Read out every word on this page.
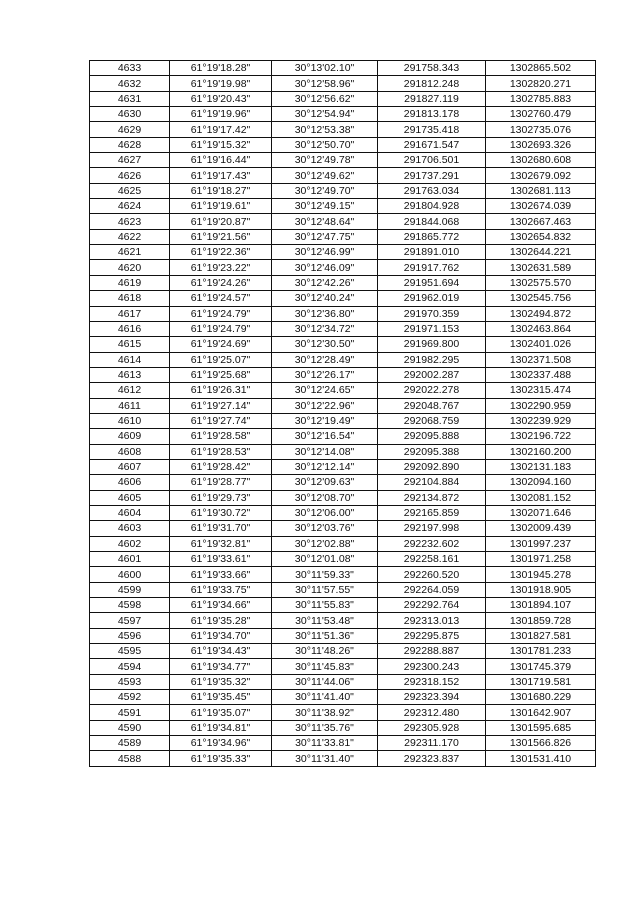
4633	61°19'18.28"	30°13'02.10"	291758.343	1302865.502
4632	61°19'19.98"	30°12'58.96"	291812.248	1302820.271
4631	61°19'20.43"	30°12'56.62"	291827.119	1302785.883
4630	61°19'19.96"	30°12'54.94"	291813.178	1302760.479
4629	61°19'17.42"	30°12'53.38"	291735.418	1302735.076
4628	61°19'15.32"	30°12'50.70"	291671.547	1302693.326
4627	61°19'16.44"	30°12'49.78"	291706.501	1302680.608
4626	61°19'17.43"	30°12'49.62"	291737.291	1302679.092
4625	61°19'18.27"	30°12'49.70"	291763.034	1302681.113
4624	61°19'19.61"	30°12'49.15"	291804.928	1302674.039
4623	61°19'20.87"	30°12'48.64"	291844.068	1302667.463
4622	61°19'21.56"	30°12'47.75"	291865.772	1302654.832
4621	61°19'22.36"	30°12'46.99"	291891.010	1302644.221
4620	61°19'23.22"	30°12'46.09"	291917.762	1302631.589
4619	61°19'24.26"	30°12'42.26"	291951.694	1302575.570
4618	61°19'24.57"	30°12'40.24"	291962.019	1302545.756
4617	61°19'24.79"	30°12'36.80"	291970.359	1302494.872
4616	61°19'24.79"	30°12'34.72"	291971.153	1302463.864
4615	61°19'24.69"	30°12'30.50"	291969.800	1302401.026
4614	61°19'25.07"	30°12'28.49"	291982.295	1302371.508
4613	61°19'25.68"	30°12'26.17"	292002.287	1302337.488
4612	61°19'26.31"	30°12'24.65"	292022.278	1302315.474
4611	61°19'27.14"	30°12'22.96"	292048.767	1302290.959
4610	61°19'27.74"	30°12'19.49"	292068.759	1302239.929
4609	61°19'28.58"	30°12'16.54"	292095.888	1302196.722
4608	61°19'28.53"	30°12'14.08"	292095.388	1302160.200
4607	61°19'28.42"	30°12'12.14"	292092.890	1302131.183
4606	61°19'28.77"	30°12'09.63"	292104.884	1302094.160
4605	61°19'29.73"	30°12'08.70"	292134.872	1302081.152
4604	61°19'30.72"	30°12'06.00"	292165.859	1302071.646
4603	61°19'31.70"	30°12'03.76"	292197.998	1302009.439
4602	61°19'32.81"	30°12'02.88"	292232.602	1301997.237
4601	61°19'33.61"	30°12'01.08"	292258.161	1301971.258
4600	61°19'33.66"	30°11'59.33"	292260.520	1301945.278
4599	61°19'33.75"	30°11'57.55"	292264.059	1301918.905
4598	61°19'34.66"	30°11'55.83"	292292.764	1301894.107
4597	61°19'35.28"	30°11'53.48"	292313.013	1301859.728
4596	61°19'34.70"	30°11'51.36"	292295.875	1301827.581
4595	61°19'34.43"	30°11'48.26"	292288.887	1301781.233
4594	61°19'34.77"	30°11'45.83"	292300.243	1301745.379
4593	61°19'35.32"	30°11'44.06"	292318.152	1301719.581
4592	61°19'35.45"	30°11'41.40"	292323.394	1301680.229
4591	61°19'35.07"	30°11'38.92"	292312.480	1301642.907
4590	61°19'34.81"	30°11'35.76"	292305.928	1301595.685
4589	61°19'34.96"	30°11'33.81"	292311.170	1301566.826
4588	61°19'35.33"	30°11'31.40"	292323.837	1301531.410
